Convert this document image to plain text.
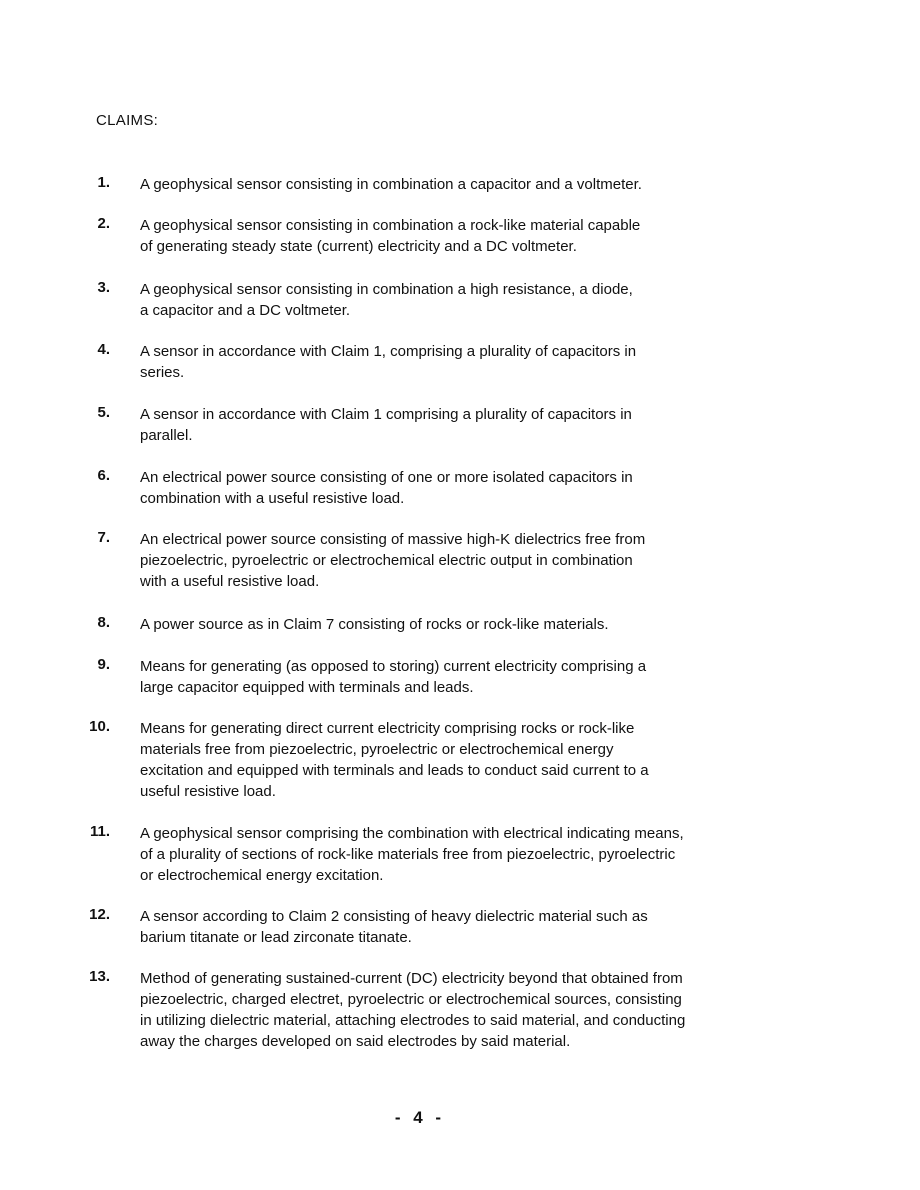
CLAIMS:
1. A geophysical sensor consisting in combination a capacitor and a voltmeter.
2. A geophysical sensor consisting in combination a rock-like material capable
of generating steady state (current) electricity and a DC voltmeter.
3. A geophysical sensor consisting in combination a high resistance, a diode,
a capacitor and a DC voltmeter.
4. A sensor in accordance with Claim 1, comprising a plurality of capacitors in
series.
5. A sensor in accordance with Claim 1 comprising a plurality of capacitors in
parallel.
6. An electrical power source consisting of one or more isolated capacitors in
combination with a useful resistive load.
7. An electrical power source consisting of massive high-K dielectrics free from
piezoelectric, pyroelectric or electrochemical electric output in combination
with a useful resistive load.
8. A power source as in Claim 7 consisting of rocks or rock-like materials.
9. Means for generating (as opposed to storing) current electricity comprising a
large capacitor equipped with terminals and leads.
10. Means for generating direct current electricity comprising rocks or rock-like
materials free from piezoelectric, pyroelectric or electrochemical energy
excitation and equipped with terminals and leads to conduct said current to a
useful resistive load.
11. A geophysical sensor comprising the combination with electrical indicating means,
of a plurality of sections of rock-like materials free from piezoelectric, pyroelectric
or electrochemical energy excitation.
12. A sensor according to Claim 2 consisting of heavy dielectric material such as
barium titanate or lead zirconate titanate.
13. Method of generating sustained-current (DC) electricity beyond that obtained from
piezoelectric, charged electret, pyroelectric or electrochemical sources, consisting
in utilizing dielectric material, attaching electrodes to said material, and conducting
away the charges developed on said electrodes by said material.
- 4 -
